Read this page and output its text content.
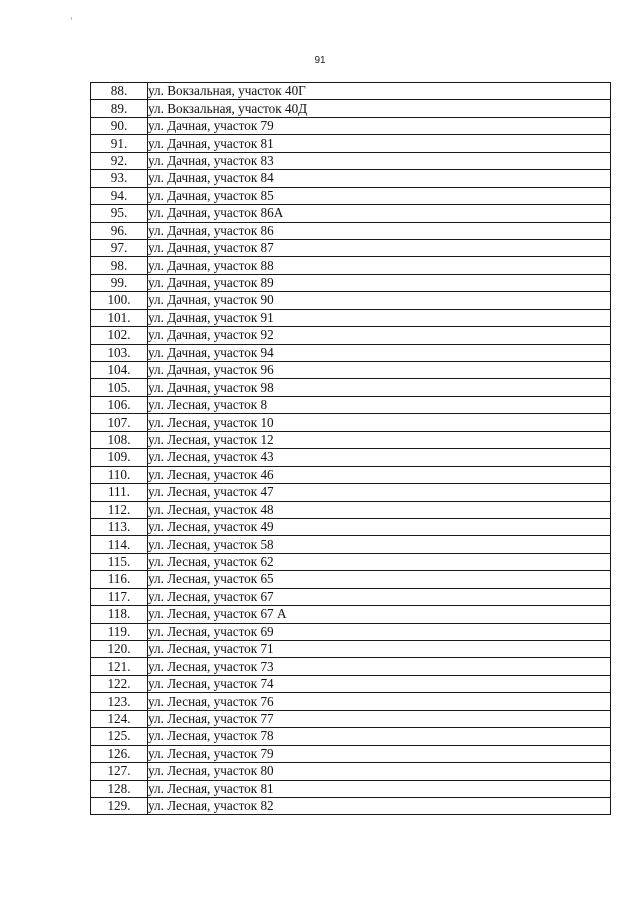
91
88.	ул. Вокзальная, участок 40Г
89.	ул. Вокзальная, участок 40Д
90.	ул. Дачная, участок 79
91.	ул. Дачная, участок 81
92.	ул. Дачная, участок 83
93.	ул. Дачная, участок 84
94.	ул. Дачная, участок 85
95.	ул. Дачная, участок 86А
96.	ул. Дачная, участок 86
97.	ул. Дачная, участок 87
98.	ул. Дачная, участок 88
99.	ул. Дачная, участок 89
100.	ул. Дачная, участок 90
101.	ул. Дачная, участок 91
102.	ул. Дачная, участок 92
103.	ул. Дачная, участок 94
104.	ул. Дачная, участок 96
105.	ул. Дачная, участок 98
106.	ул. Лесная, участок 8
107.	ул. Лесная, участок 10
108.	ул. Лесная, участок 12
109.	ул. Лесная, участок 43
110.	ул. Лесная, участок 46
111.	ул. Лесная, участок 47
112.	ул. Лесная, участок 48
113.	ул. Лесная, участок 49
114.	ул. Лесная, участок 58
115.	ул. Лесная, участок 62
116.	ул. Лесная, участок 65
117.	ул. Лесная, участок 67
118.	ул. Лесная, участок 67 А
119.	ул. Лесная, участок 69
120.	ул. Лесная, участок 71
121.	ул. Лесная, участок 73
122.	ул. Лесная, участок 74
123.	ул. Лесная, участок 76
124.	ул. Лесная, участок 77
125.	ул. Лесная, участок 78
126.	ул. Лесная, участок 79
127.	ул. Лесная, участок 80
128.	ул. Лесная, участок 81
129.	ул. Лесная, участок 82
